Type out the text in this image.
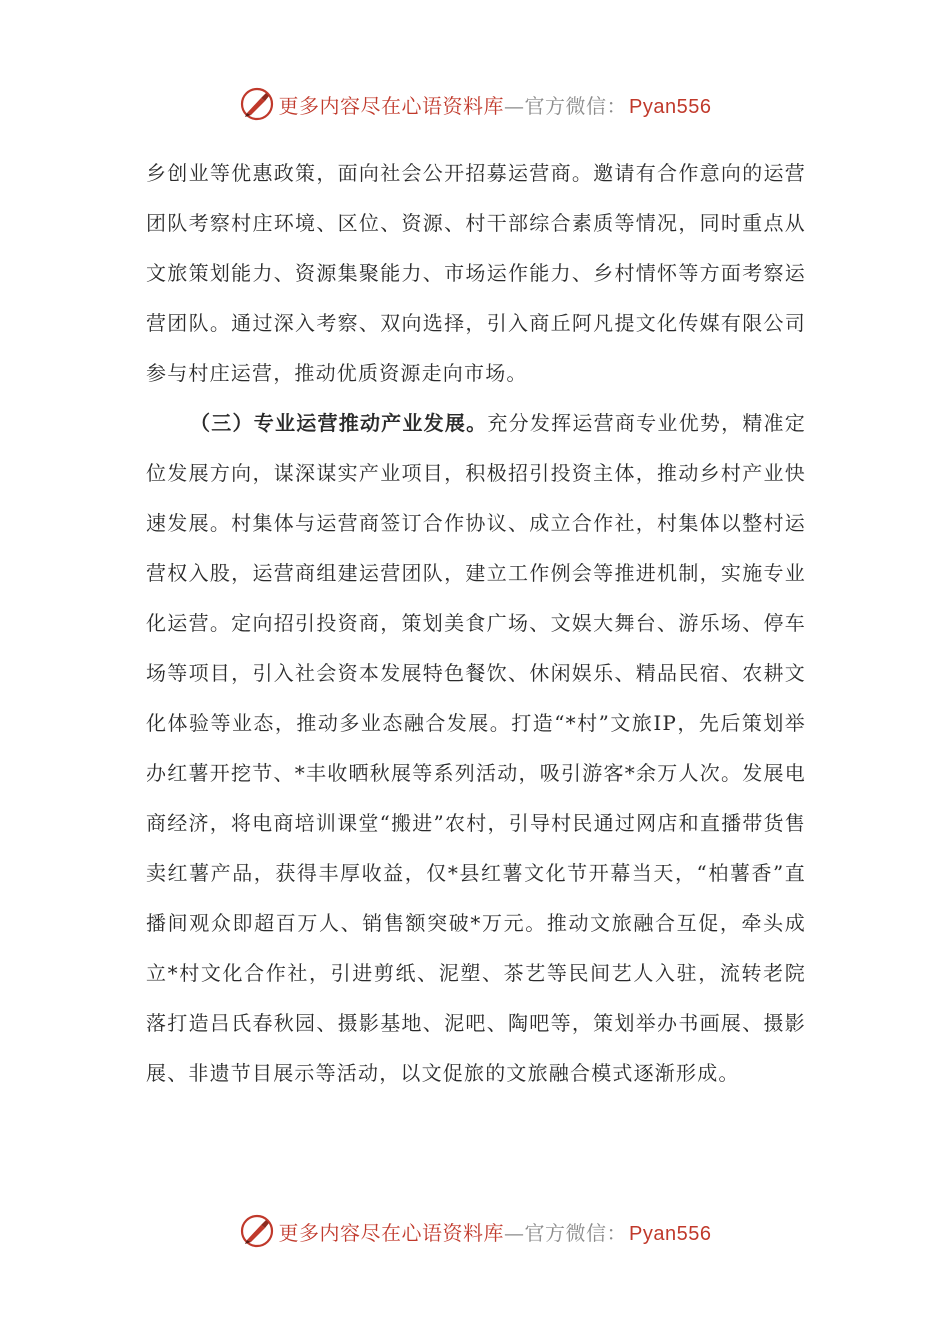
更多内容尽在心语资料库—官方微信： Pyan556

乡创业等优惠政策，面向社会公开招募运营商。邀请有合作意向的运营团队考察村庄环境、区位、资源、村干部综合素质等情况，同时重点从文旅策划能力、资源集聚能力、市场运作能力、乡村情怀等方面考察运营团队。通过深入考察、双向选择，引入商丘阿凡提文化传媒有限公司参与村庄运营，推动优质资源走向市场。

（三）专业运营推动产业发展。充分发挥运营商专业优势，精准定位发展方向，谋深谋实产业项目，积极招引投资主体，推动乡村产业快速发展。村集体与运营商签订合作协议、成立合作社，村集体以整村运营权入股，运营商组建运营团队，建立工作例会等推进机制，实施专业化运营。定向招引投资商，策划美食广场、文娱大舞台、游乐场、停车场等项目，引入社会资本发展特色餐饮、休闲娱乐、精品民宿、农耕文化体验等业态，推动多业态融合发展。打造“*村”文旅IP，先后策划举办红薯开挖节、*丰收晒秋展等系列活动，吸引游客*余万人次。发展电商经济，将电商培训课堂“搬进”农村，引导村民通过网店和直播带货售卖红薯产品，获得丰厚收益，仅*县红薯文化节开幕当天，“柏薯香”直播间观众即超百万人、销售额突破*万元。推动文旅融合互促，牵头成立*村文化合作社，引进剪纸、泥塑、茶艺等民间艺人入驻，流转老院落打造吕氏春秋园、摄影基地、泥吧、陶吧等，策划举办书画展、摄影展、非遗节目展示等活动，以文促旅的文旅融合模式逐渐形成。

更多内容尽在心语资料库—官方微信： Pyan556
